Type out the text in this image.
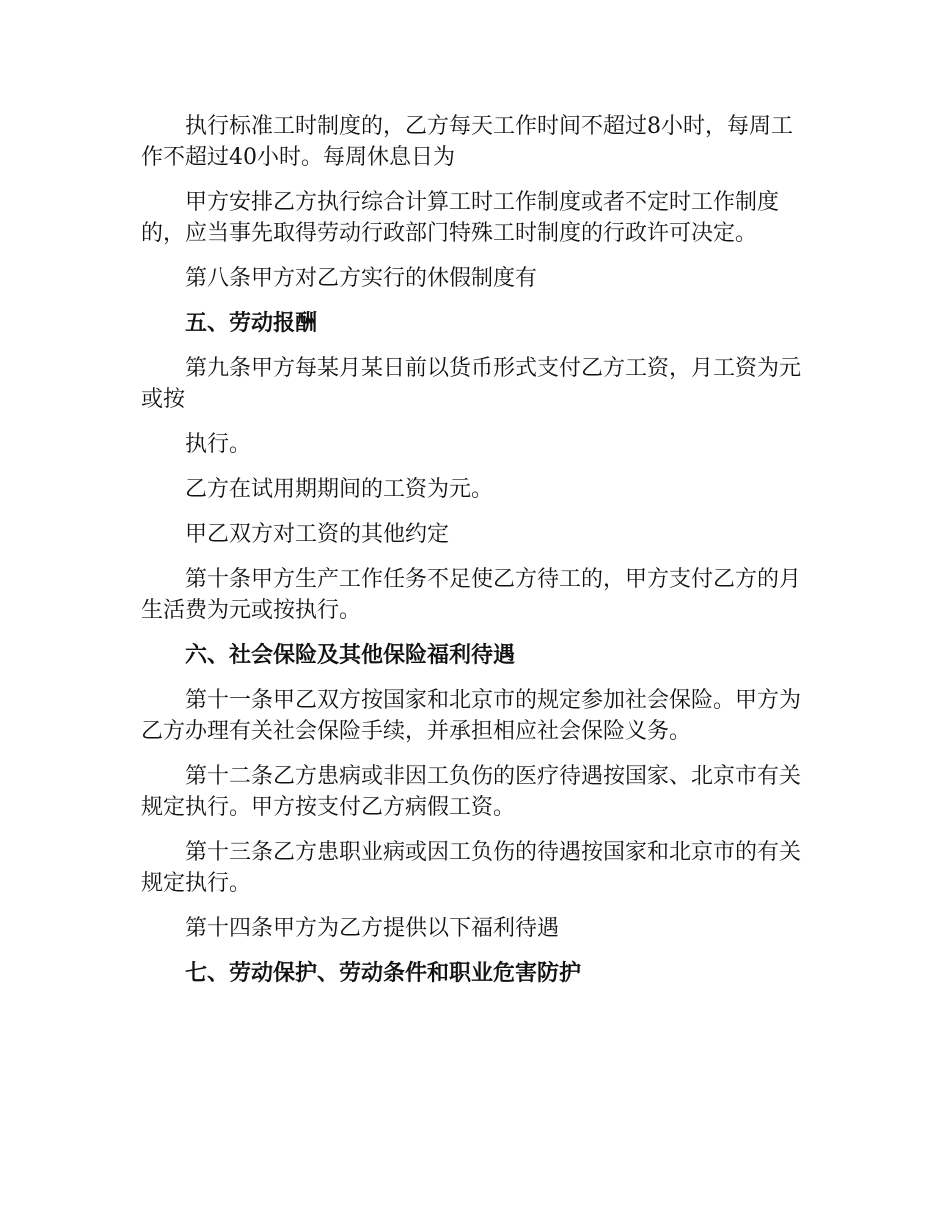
执行标准工时制度的，乙方每天工作时间不超过8小时，每周工作不超过40小时。每周休息日为

甲方安排乙方执行综合计算工时工作制度或者不定时工作制度的，应当事先取得劳动行政部门特殊工时制度的行政许可决定。

第八条甲方对乙方实行的休假制度有

五、劳动报酬

第九条甲方每某月某日前以货币形式支付乙方工资，月工资为元或按

执行。

乙方在试用期期间的工资为元。

甲乙双方对工资的其他约定

第十条甲方生产工作任务不足使乙方待工的，甲方支付乙方的月生活费为元或按执行。

六、社会保险及其他保险福利待遇

第十一条甲乙双方按国家和北京市的规定参加社会保险。甲方为乙方办理有关社会保险手续，并承担相应社会保险义务。

第十二条乙方患病或非因工负伤的医疗待遇按国家、北京市有关规定执行。甲方按支付乙方病假工资。

第十三条乙方患职业病或因工负伤的待遇按国家和北京市的有关规定执行。

第十四条甲方为乙方提供以下福利待遇

七、劳动保护、劳动条件和职业危害防护
